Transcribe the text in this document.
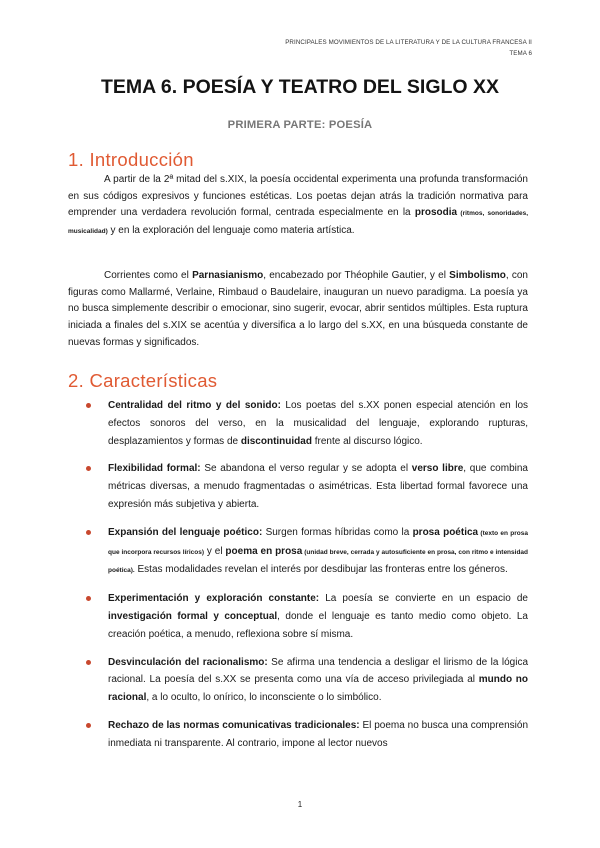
PRINCIPALES MOVIMIENTOS DE LA LITERATURA Y DE LA CULTURA FRANCESA II
TEMA 6
TEMA 6. POESÍA Y TEATRO DEL SIGLO XX
PRIMERA PARTE: POESÍA
1. Introducción

A partir de la 2ª mitad del s.XIX, la poesía occidental experimenta una profunda transformación en sus códigos expresivos y funciones estéticas. Los poetas dejan atrás la tradición normativa para emprender una verdadera revolución formal, centrada especialmente en la prosodia (ritmos, sonoridades, musicalidad) y en la exploración del lenguaje como materia artística.

Corrientes como el Parnasianismo, encabezado por Théophile Gautier, y el Simbolismo, con figuras como Mallarmé, Verlaine, Rimbaud o Baudelaire, inauguran un nuevo paradigma. La poesía ya no busca simplemente describir o emocionar, sino sugerir, evocar, abrir sentidos múltiples. Esta ruptura iniciada a finales del s.XIX se acentúa y diversifica a lo largo del s.XX, en una búsqueda constante de nuevas formas y significados.

2. Características
Centralidad del ritmo y del sonido: Los poetas del s.XX ponen especial atención en los efectos sonoros del verso, en la musicalidad del lenguaje, explorando rupturas, desplazamientos y formas de discontinuidad frente al discurso lógico.
Flexibilidad formal: Se abandona el verso regular y se adopta el verso libre, que combina métricas diversas, a menudo fragmentadas o asimétricas. Esta libertad formal favorece una expresión más subjetiva y abierta.
Expansión del lenguaje poético: Surgen formas híbridas como la prosa poética (texto en prosa que incorpora recursos líricos) y el poema en prosa (unidad breve, cerrada y autosuficiente en prosa, con ritmo e intensidad poética). Estas modalidades revelan el interés por desdibujar las fronteras entre los géneros.
Experimentación y exploración constante: La poesía se convierte en un espacio de investigación formal y conceptual, donde el lenguaje es tanto medio como objeto. La creación poética, a menudo, reflexiona sobre sí misma.
Desvinculación del racionalismo: Se afirma una tendencia a desligar el lirismo de la lógica racional. La poesía del s.XX se presenta como una vía de acceso privilegiada al mundo no racional, a lo oculto, lo onírico, lo inconsciente o lo simbólico.
Rechazo de las normas comunicativas tradicionales: El poema no busca una comprensión inmediata ni transparente. Al contrario, impone al lector nuevos
1
